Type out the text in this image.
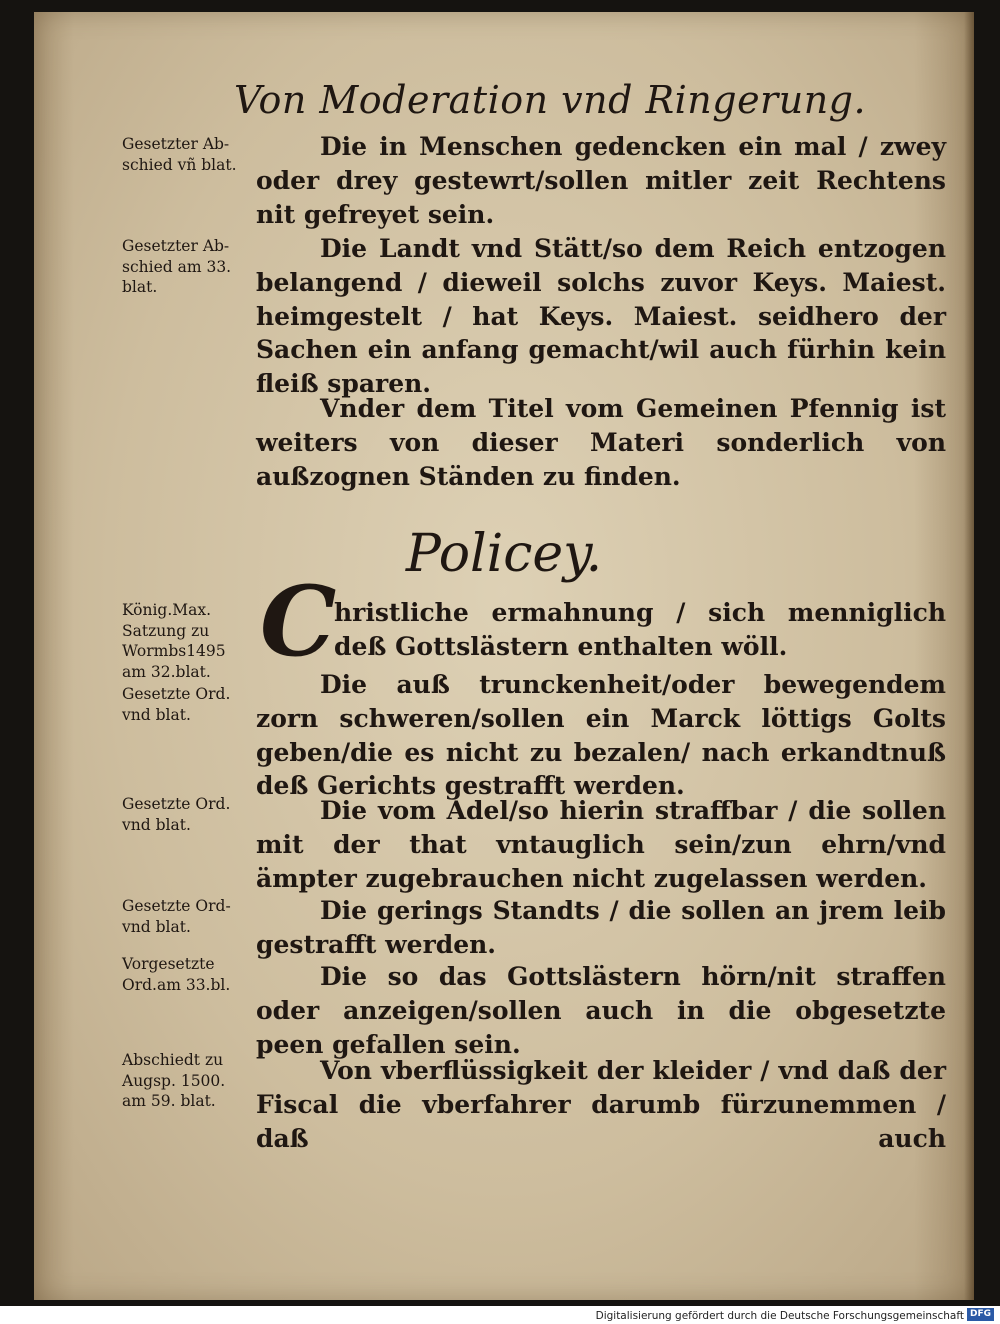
Von Moderation vnd Ringerung.
Gesetzter Ab-
schied vñ blat.
Gesetzter Ab-
schied am 33.
blat.
Die in Menschen gedencken ein mal / zwey oder drey gestewrt/sollen mitler zeit Rechtens nit gefreyet sein.
Die Landt vnd Stätt/so dem Reich entzogen belangend / dieweil solchs zuvor Keys. Maiest. heimgestelt / hat Keys. Maiest. seidhero der Sachen ein anfang gemacht/wil auch fürhin kein fleiß sparen.
Vnder dem Titel vom Gemeinen Pfennig ist weiters von dieser Materi sonderlich von außzognen Ständen zu finden.
Policey.
König.Max.
Satzung zu
Wormbs1495
am 32.blat.
Gesetzte Ord.
vnd blat.
Gesetzte Ord.
vnd blat.
Gesetzte Ord-
vnd blat.
Vorgesetzte
Ord.am 33.bl.
Abschiedt zu
Augsp. 1500.
am 59. blat.
C
hristliche ermahnung / sich menniglich deß Gottslästern enthalten wöll.
Die auß trunckenheit/oder bewegendem zorn schweren/sollen ein Marck löttigs Golts geben/die es nicht zu bezalen/ nach erkandtnuß deß Gerichts gestrafft werden.
Die vom Adel/so hierin straffbar / die sollen mit der that vntauglich sein/zun ehrn/vnd ämpter zugebrauchen nicht zugelassen werden.
Die gerings Standts / die sollen an jrem leib gestrafft werden.
Die so das Gottslästern hörn/nit straffen oder anzeigen/sollen auch in die obgesetzte peen gefallen sein.
Von vberflüssigkeit der kleider / vnd daß der Fiscal die vberfahrer darumb fürzunemmen / daß	auch
Digitalisierung gefördert durch die Deutsche Forschungsgemeinschaft DFG
